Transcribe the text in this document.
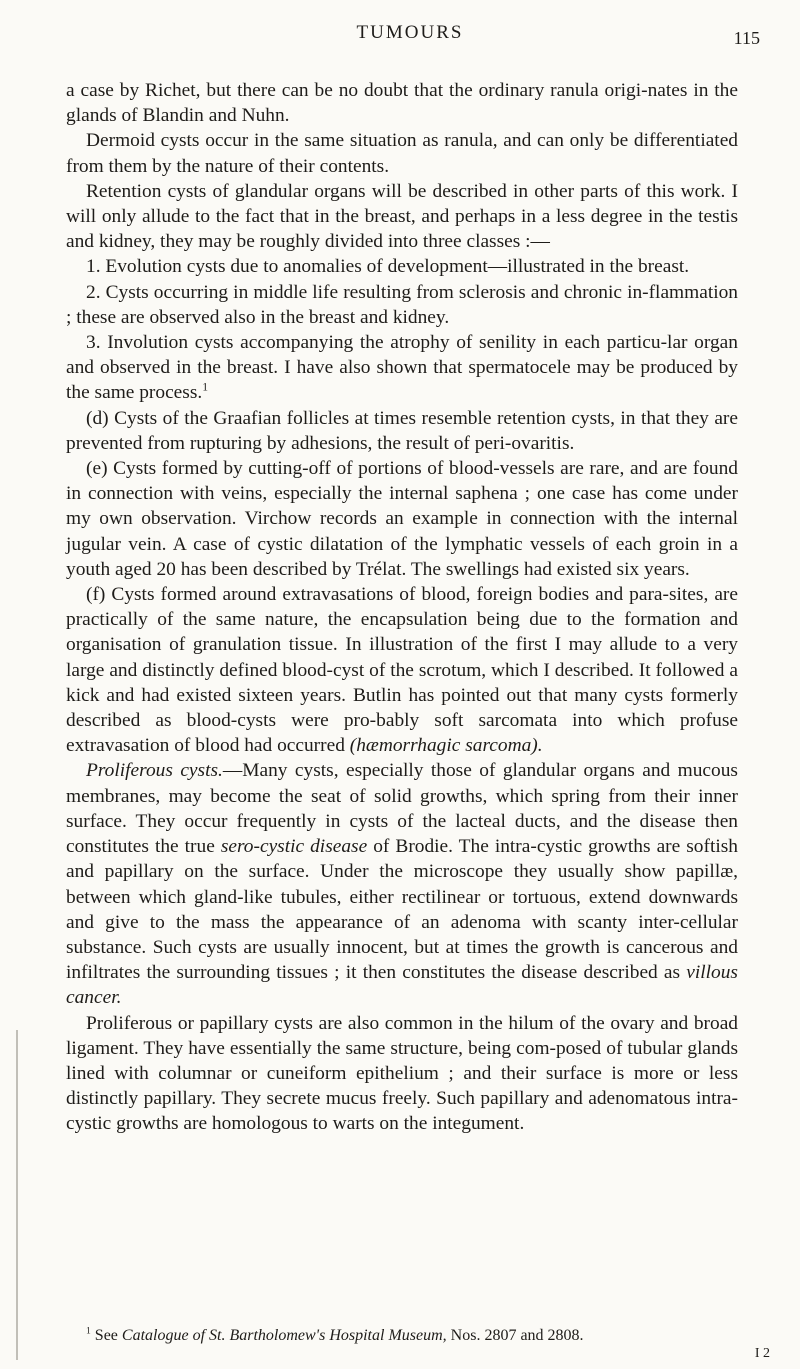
TUMOURS	115

a case by Richet, but there can be no doubt that the ordinary ranula origi-nates in the glands of Blandin and Nuhn.

Dermoid cysts occur in the same situation as ranula, and can only be differentiated from them by the nature of their contents.

Retention cysts of glandular organs will be described in other parts of this work. I will only allude to the fact that in the breast, and perhaps in a less degree in the testis and kidney, they may be roughly divided into three classes :—

1. Evolution cysts due to anomalies of development—illustrated in the breast.

2. Cysts occurring in middle life resulting from sclerosis and chronic in-flammation ; these are observed also in the breast and kidney.

3. Involution cysts accompanying the atrophy of senility in each particu-lar organ and observed in the breast. I have also shown that spermatocele may be produced by the same process.$^1$

(d) Cysts of the Graafian follicles at times resemble retention cysts, in that they are prevented from rupturing by adhesions, the result of peri-ovaritis.

(e) Cysts formed by cutting-off of portions of blood-vessels are rare, and are found in connection with veins, especially the internal saphena ; one case has come under my own observation. Virchow records an example in connection with the internal jugular vein. A case of cystic dilatation of the lymphatic vessels of each groin in a youth aged 20 has been described by Trélat. The swellings had existed six years.

(f) Cysts formed around extravasations of blood, foreign bodies and para-sites, are practically of the same nature, the encapsulation being due to the formation and organisation of granulation tissue. In illustration of the first I may allude to a very large and distinctly defined blood-cyst of the scrotum, which I described. It followed a kick and had existed sixteen years. Butlin has pointed out that many cysts formerly described as blood-cysts were pro-bably soft sarcomata into which profuse extravasation of blood had occurred (hæmorrhagic sarcoma).

Proliferous cysts.—Many cysts, especially those of glandular organs and mucous membranes, may become the seat of solid growths, which spring from their inner surface. They occur frequently in cysts of the lacteal ducts, and the disease then constitutes the true sero-cystic disease of Brodie. The intra-cystic growths are softish and papillary on the surface. Under the microscope they usually show papillæ, between which gland-like tubules, either rectilinear or tortuous, extend downwards and give to the mass the appearance of an adenoma with scanty inter-cellular substance. Such cysts are usually innocent, but at times the growth is cancerous and infiltrates the surrounding tissues ; it then constitutes the disease described as villous cancer.

Proliferous or papillary cysts are also common in the hilum of the ovary and broad ligament. They have essentially the same structure, being com-posed of tubular glands lined with columnar or cuneiform epithelium ; and their surface is more or less distinctly papillary. They secrete mucus freely. Such papillary and adenomatous intra-cystic growths are homologous to warts on the integument.

$^1$ See Catalogue of St. Bartholomew's Hospital Museum, Nos. 2807 and 2808.
I 2
